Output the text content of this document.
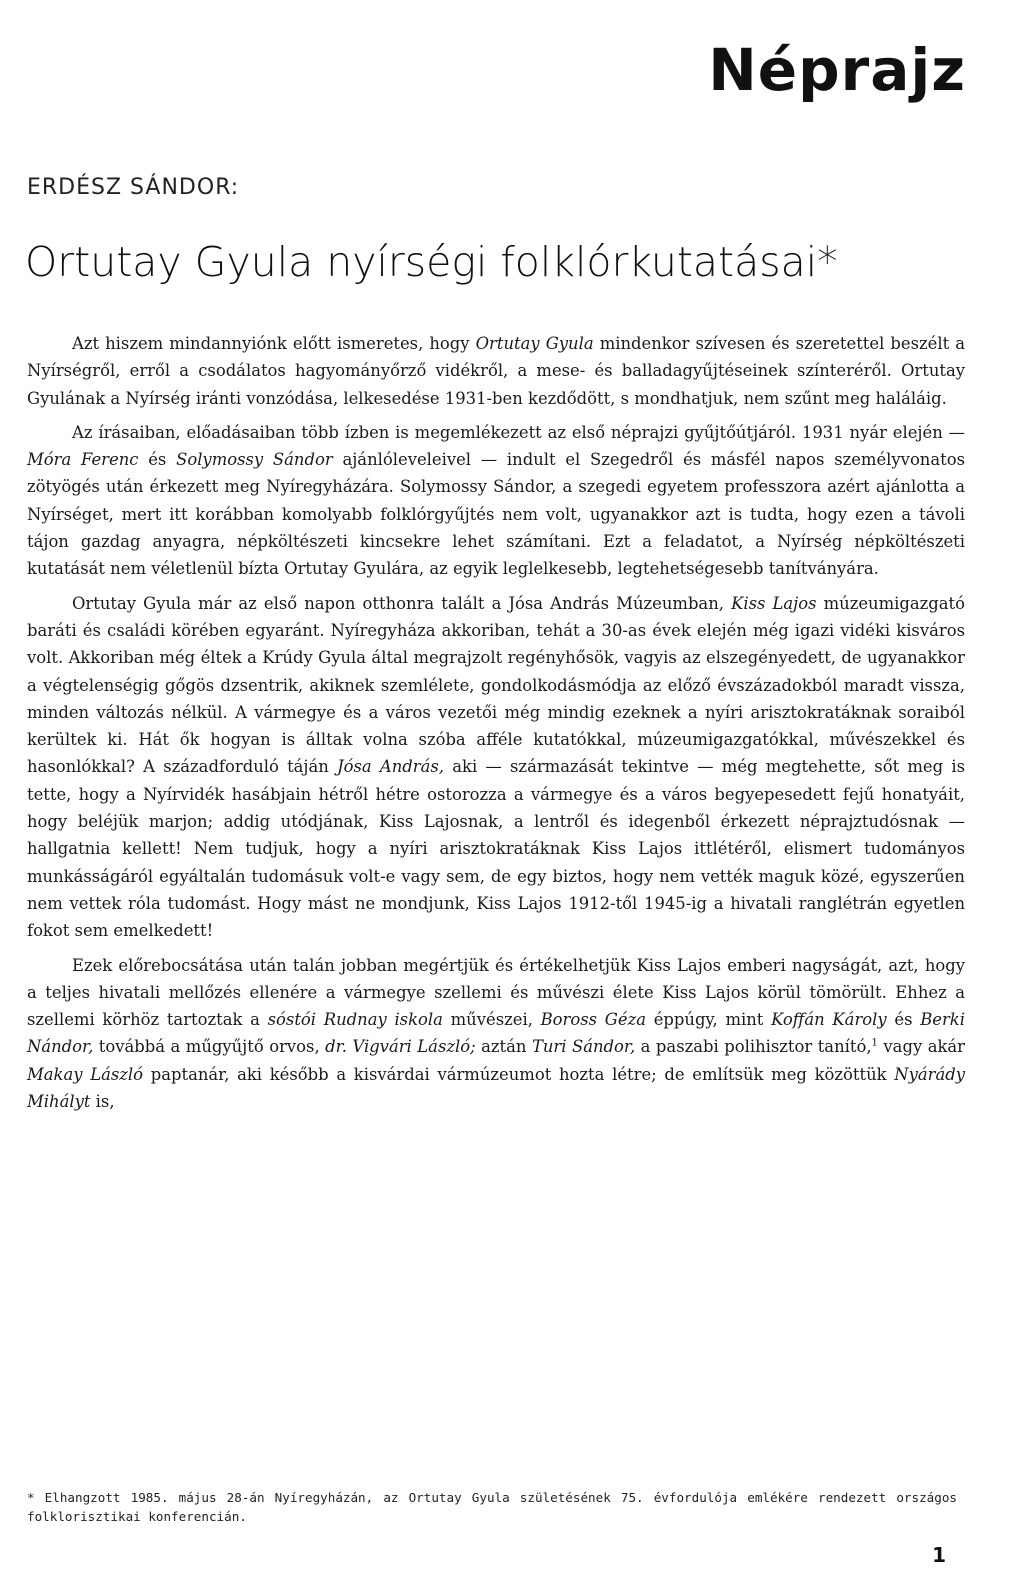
Néprajz
ERDÉSZ SÁNDOR:
Ortutay Gyula nyírségi folklórkutatásai*

Azt hiszem mindannyiónk előtt ismeretes, hogy Ortutay Gyula mindenkor szívesen és szeretettel beszélt a Nyírségről, erről a csodálatos hagyományőrző vidékről, a mese- és balladagyűjtéseinek színteréről. Ortutay Gyulának a Nyírség iránti vonzódása, lelkesedése 1931-ben kezdődött, s mondhatjuk, nem szűnt meg haláláig.

Az írásaiban, előadásaiban több ízben is megemlékezett az első néprajzi gyűjtőútjáról. 1931 nyár elején — Móra Ferenc és Solymossy Sándor ajánlóleveleivel — indult el Szegedről és másfél napos személyvonatos zötyögés után érkezett meg Nyíregyházára. Solymossy Sándor, a szegedi egyetem professzora azért ajánlotta a Nyírséget, mert itt korábban komolyabb folklórgyűjtés nem volt, ugyanakkor azt is tudta, hogy ezen a távoli tájon gazdag anyagra, népköltészeti kincsekre lehet számítani. Ezt a feladatot, a Nyírség népköltészeti kutatását nem véletlenül bízta Ortutay Gyulára, az egyik leglelkesebb, legtehetségesebb tanítványára.

Ortutay Gyula már az első napon otthonra talált a Jósa András Múzeumban, Kiss Lajos múzeumigazgató baráti és családi körében egyaránt. Nyíregyháza akkoriban, tehát a 30-as évek elején még igazi vidéki kisváros volt. Akkoriban még éltek a Krúdy Gyula által megrajzolt regényhősök, vagyis az elszegényedett, de ugyanakkor a végtelenségig gőgös dzsentrik, akiknek szemlélete, gondolkodásmódja az előző évszázadokból maradt vissza, minden változás nélkül. A vármegye és a város vezetői még mindig ezeknek a nyíri arisztokratáknak soraiból kerültek ki. Hát ők hogyan is álltak volna szóba afféle kutatókkal, múzeumigazgatókkal, művészekkel és hasonlókkal? A századforduló táján Jósa András, aki — származását tekintve — még megtehette, sőt meg is tette, hogy a Nyírvidék hasábjain hétről hétre ostorozza a vármegye és a város begyepesedett fejű honatyáit, hogy beléjük marjon; addig utódjának, Kiss Lajosnak, a lentről és idegenből érkezett néprajztudósnak — hallgatnia kellett! Nem tudjuk, hogy a nyíri arisztokratáknak Kiss Lajos ittlétéről, elismert tudományos munkásságáról egyáltalán tudomásuk volt-e vagy sem, de egy biztos, hogy nem vették maguk közé, egyszerűen nem vettek róla tudomást. Hogy mást ne mondjunk, Kiss Lajos 1912-től 1945-ig a hivatali ranglétrán egyetlen fokot sem emelkedett!

Ezek előrebocsátása után talán jobban megértjük és értékelhetjük Kiss Lajos emberi nagyságát, azt, hogy a teljes hivatali mellőzés ellenére a vármegye szellemi és művészi élete Kiss Lajos körül tömörült. Ehhez a szellemi körhöz tartoztak a sóstói Rudnay iskola művészei, Boross Géza éppúgy, mint Koffán Károly és Berki Nándor, továbbá a műgyűjtő orvos, dr. Vigvári László; aztán Turi Sándor, a paszabi polihisztor tanító,$^1$ vagy akár Makay László paptanár, aki később a kisvárdai vármúzeumot hozta létre; de említsük meg közöttük Nyárády Mihályt is,

* Elhangzott 1985. május 28-án Nyíregyházán, az Ortutay Gyula születésének 75. évfordulója emlékére rendezett országos folklorisztikai konferencián.
1
